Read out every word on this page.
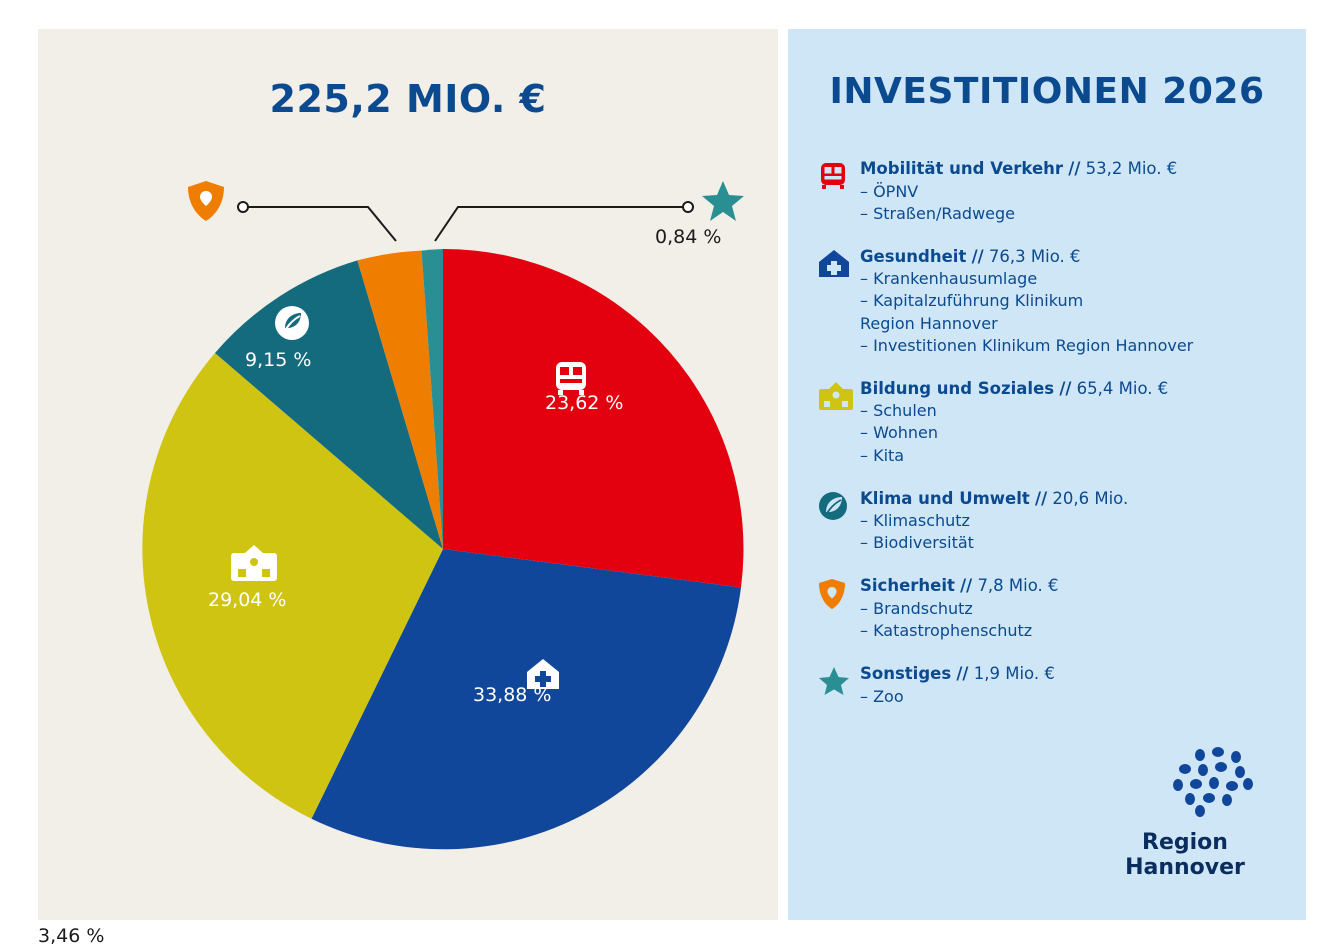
225,2 MIO. €
3,46 %
0,84 %
23,62 %
33,88 %
29,04 %
9,15 %
INVESTITIONEN 2026
Mobilität und Verkehr // 53,2 Mio. €
– ÖPNV
– Straßen/Radwege
Gesundheit // 76,3 Mio. €
– Krankenhausumlage
– Kapitalzuführung Klinikum
Region Hannover
– Investitionen Klinikum Region Hannover
Bildung und Soziales // 65,4 Mio. €
– Schulen
– Wohnen
– Kita
Klima und Umwelt // 20,6 Mio.
– Klimaschutz
– Biodiversität
Sicherheit // 7,8 Mio. €
– Brandschutz
– Katastrophenschutz
Sonstiges // 1,9 Mio. €
– Zoo
Region Hannover
